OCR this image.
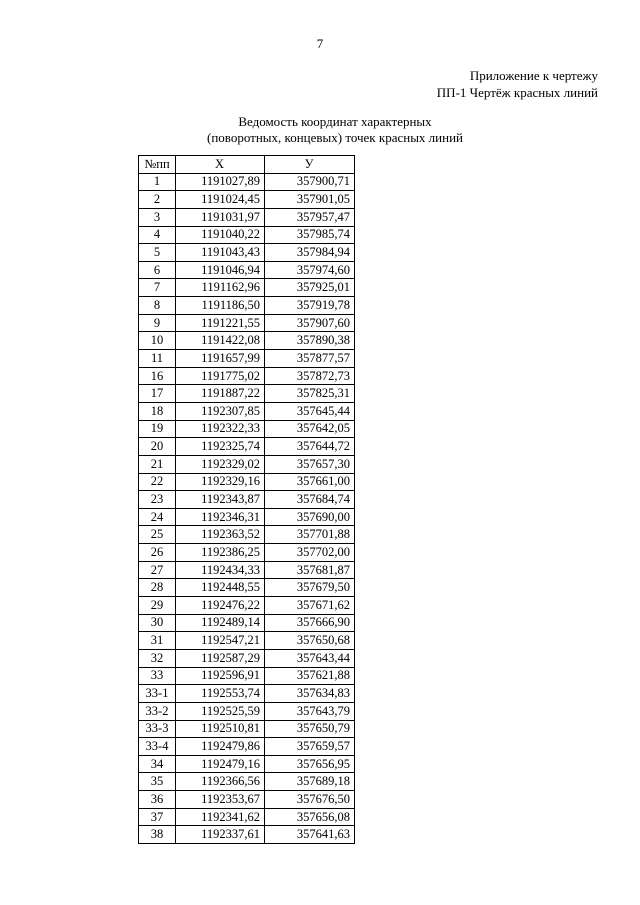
7
Приложение к чертежу
ПП-1 Чертёж красных линий
Ведомость координат характерных
(поворотных, концевых) точек красных линий
№пп	X	У
1	1191027,89	357900,71
2	1191024,45	357901,05
3	1191031,97	357957,47
4	1191040,22	357985,74
5	1191043,43	357984,94
6	1191046,94	357974,60
7	1191162,96	357925,01
8	1191186,50	357919,78
9	1191221,55	357907,60
10	1191422,08	357890,38
11	1191657,99	357877,57
16	1191775,02	357872,73
17	1191887,22	357825,31
18	1192307,85	357645,44
19	1192322,33	357642,05
20	1192325,74	357644,72
21	1192329,02	357657,30
22	1192329,16	357661,00
23	1192343,87	357684,74
24	1192346,31	357690,00
25	1192363,52	357701,88
26	1192386,25	357702,00
27	1192434,33	357681,87
28	1192448,55	357679,50
29	1192476,22	357671,62
30	1192489,14	357666,90
31	1192547,21	357650,68
32	1192587,29	357643,44
33	1192596,91	357621,88
33-1	1192553,74	357634,83
33-2	1192525,59	357643,79
33-3	1192510,81	357650,79
33-4	1192479,86	357659,57
34	1192479,16	357656,95
35	1192366,56	357689,18
36	1192353,67	357676,50
37	1192341,62	357656,08
38	1192337,61	357641,63
